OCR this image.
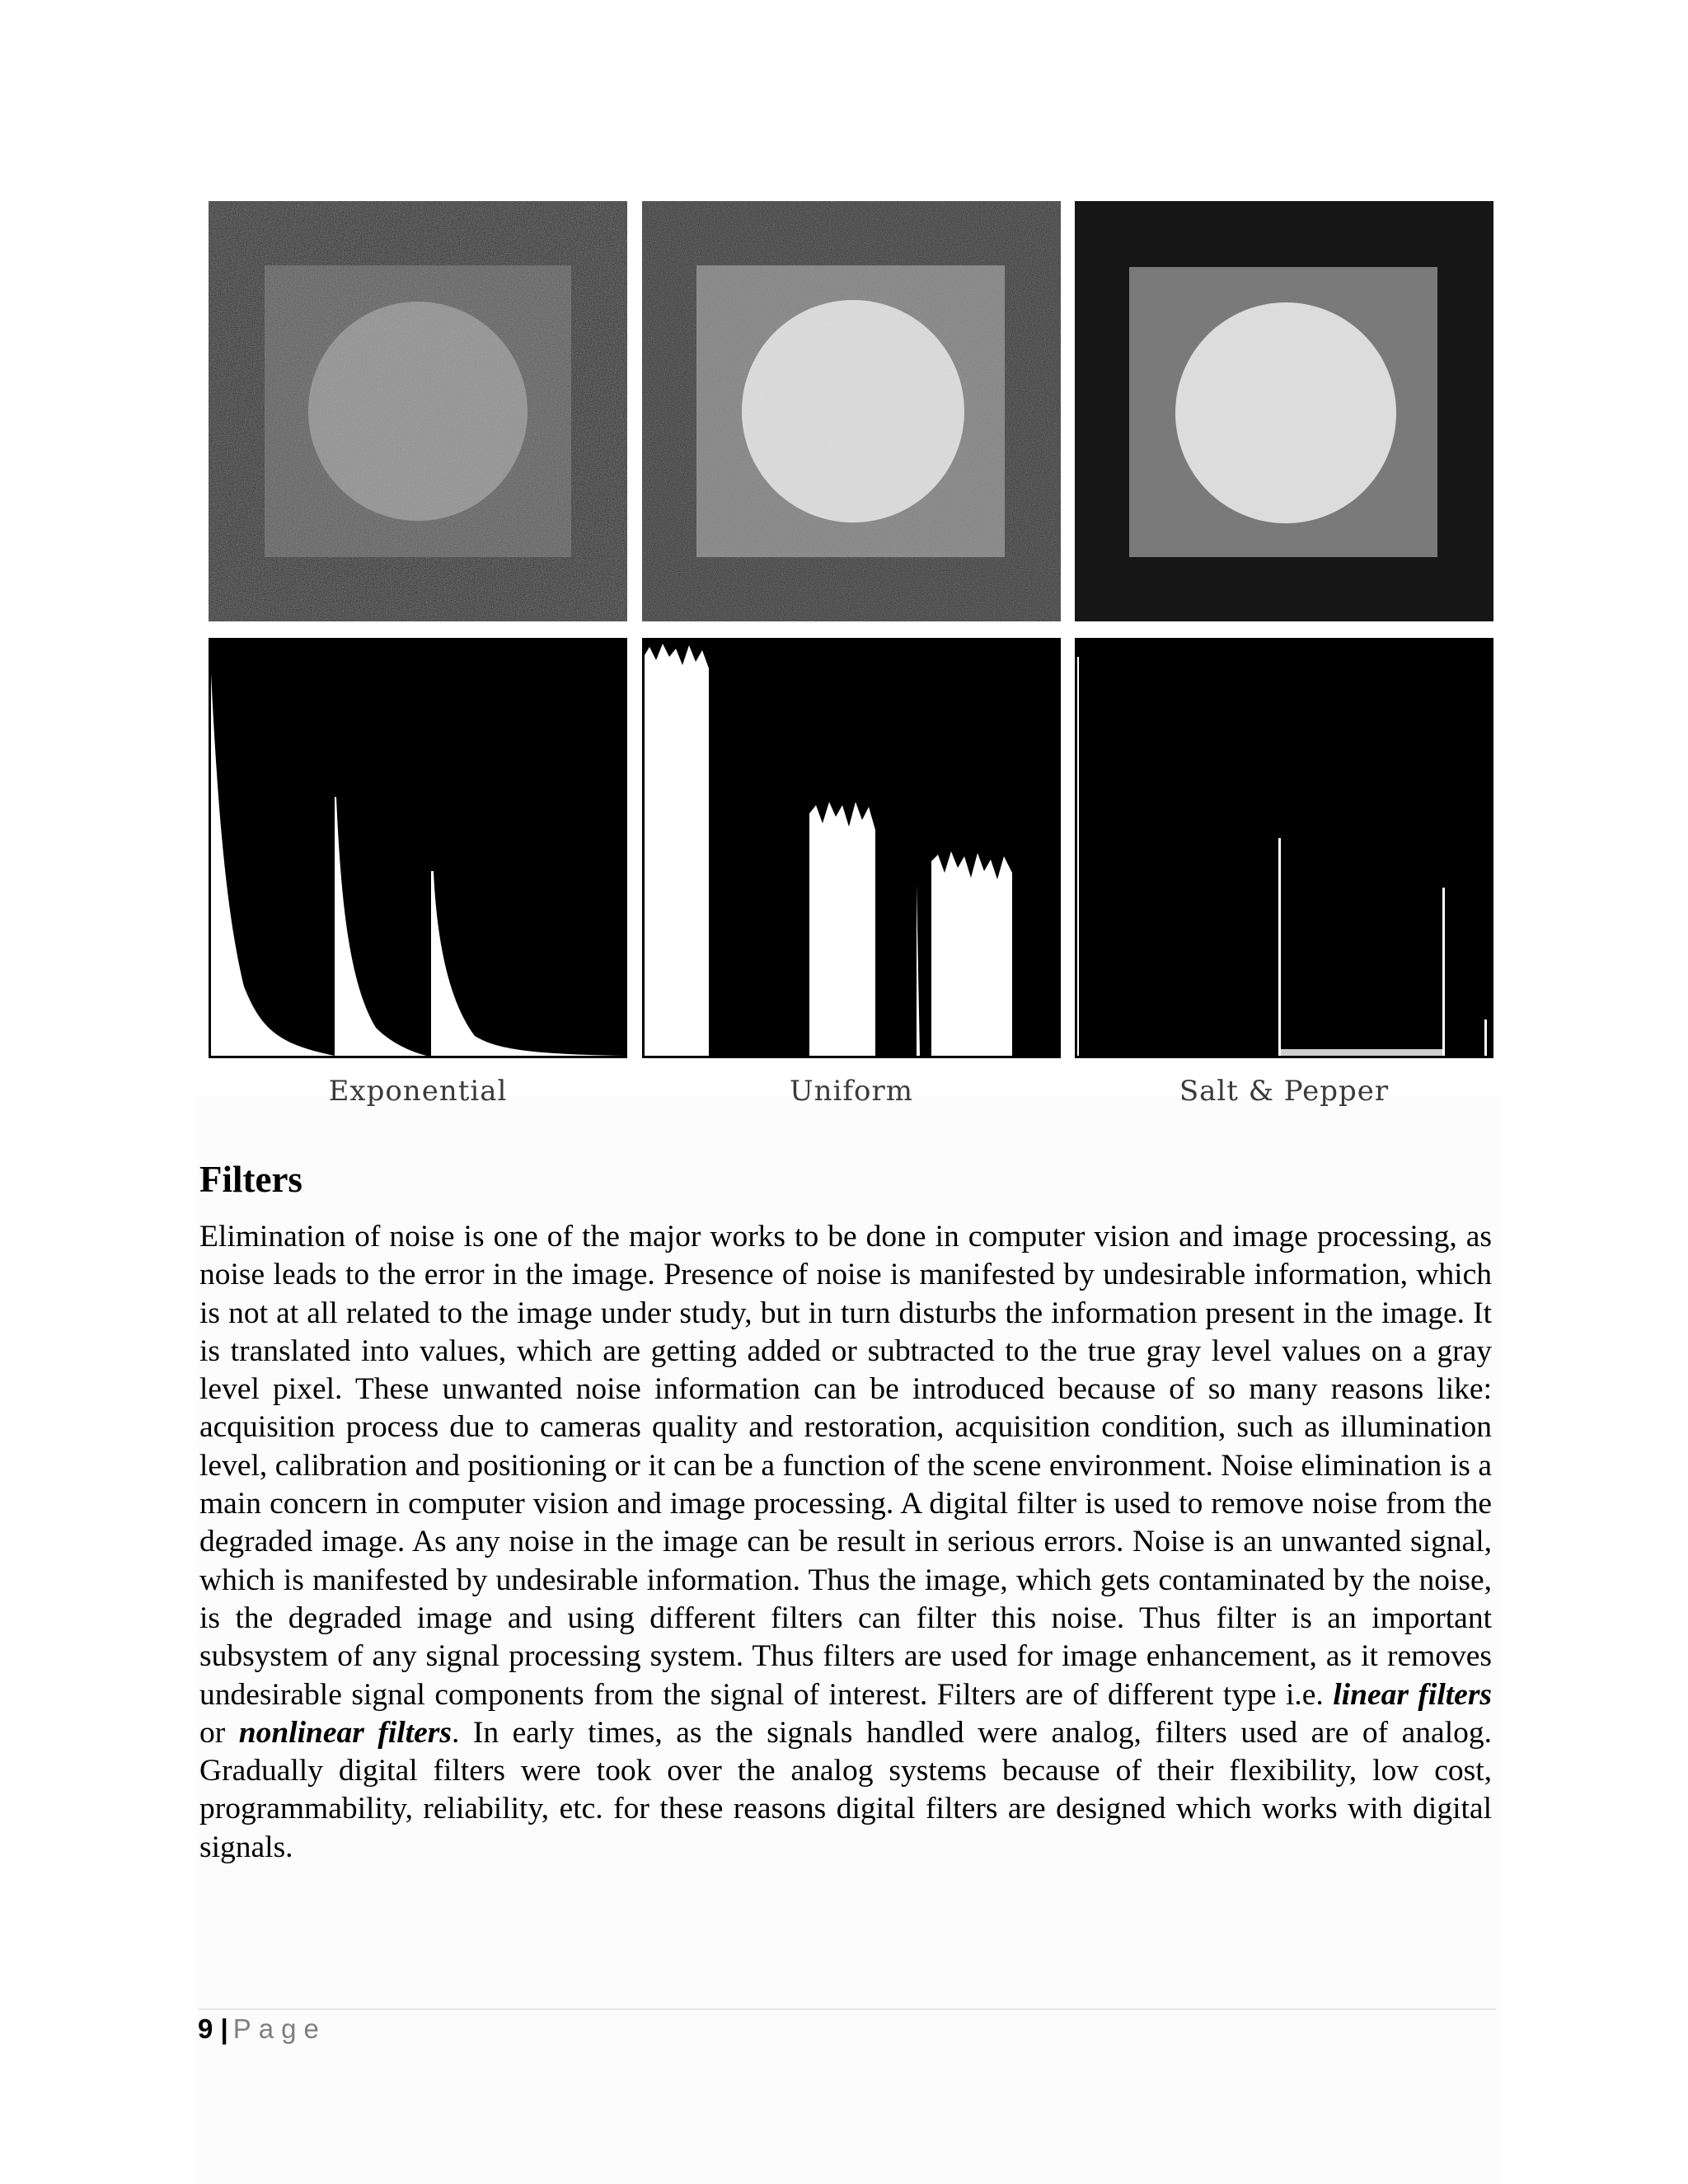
Exponential	Uniform	Salt & Pepper
Filters

Elimination of noise is one of the major works to be done in computer vision and image processing, as noise leads to the error in the image. Presence of noise is manifested by undesirable information, which is not at all related to the image under study, but in turn disturbs the information present in the image. It is translated into values, which are getting added or subtracted to the true gray level values on a gray level pixel. These unwanted noise information can be introduced because of so many reasons like: acquisition process due to cameras quality and restoration, acquisition condition, such as illumination level, calibration and positioning or it can be a function of the scene environment. Noise elimination is a main concern in computer vision and image processing. A digital filter is used to remove noise from the degraded image. As any noise in the image can be result in serious errors. Noise is an unwanted signal, which is manifested by undesirable information. Thus the image, which gets contaminated by the noise, is the degraded image and using different filters can filter this noise. Thus filter is an important subsystem of any signal processing system. Thus filters are used for image enhancement, as it removes undesirable signal components from the signal of interest. Filters are of different type i.e. linear filters or nonlinear filters. In early times, as the signals handled were analog, filters used are of analog. Gradually digital filters were took over the analog systems because of their flexibility, low cost, programmability, reliability, etc. for these reasons digital filters are designed which works with digital signals.

9 | Page
